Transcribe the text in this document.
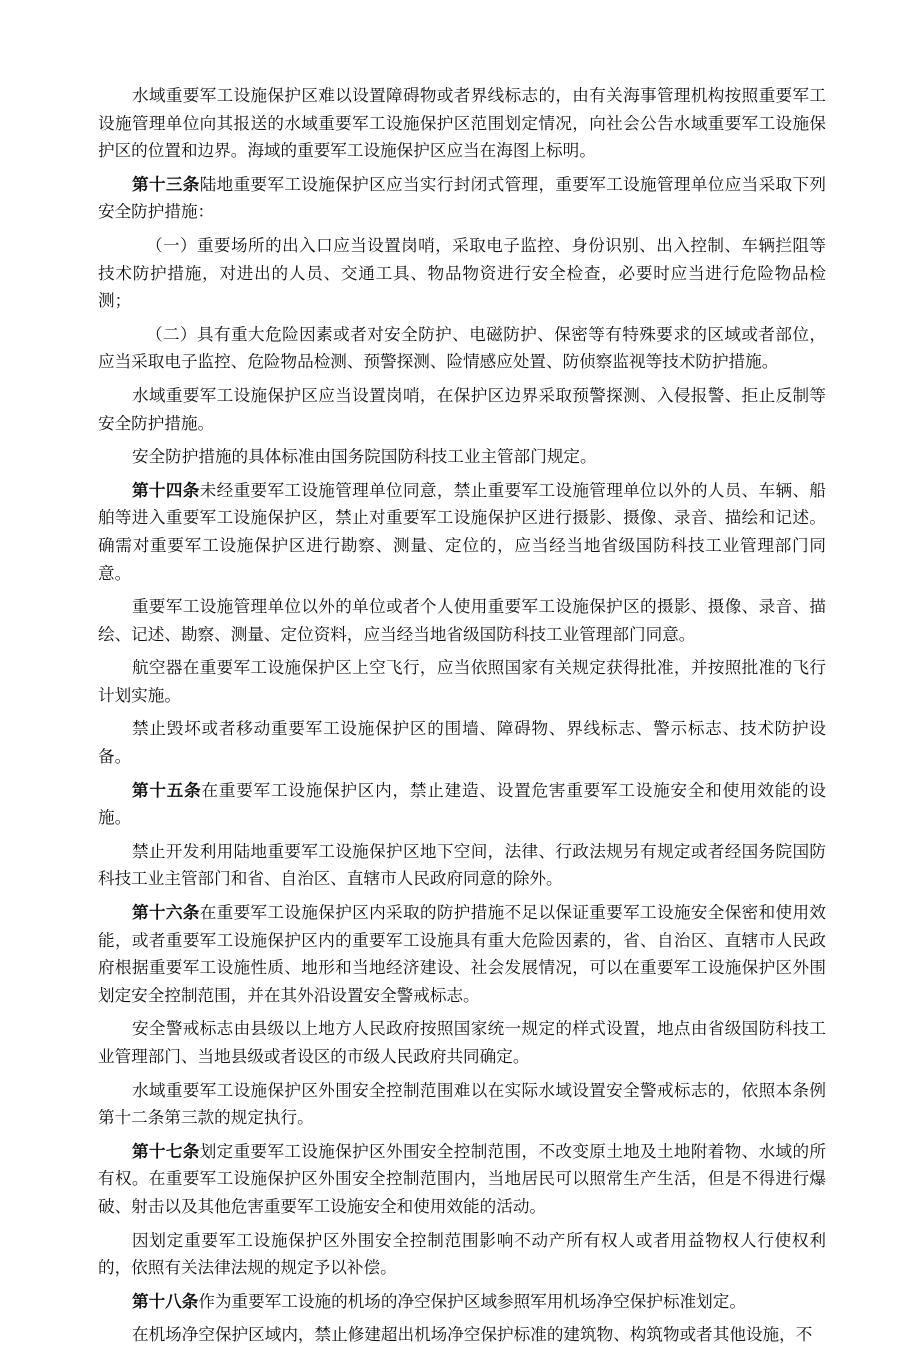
水域重要军工设施保护区难以设置障碍物或者界线标志的，由有关海事管理机构按照重要军工设施管理单位向其报送的水域重要军工设施保护区范围划定情况，向社会公告水域重要军工设施保护区的位置和边界。海域的重要军工设施保护区应当在海图上标明。

第十三条陆地重要军工设施保护区应当实行封闭式管理，重要军工设施管理单位应当采取下列安全防护措施：

（一）重要场所的出入口应当设置岗哨，采取电子监控、身份识别、出入控制、车辆拦阻等技术防护措施，对进出的人员、交通工具、物品物资进行安全检查，必要时应当进行危险物品检测；

（二）具有重大危险因素或者对安全防护、电磁防护、保密等有特殊要求的区域或者部位，应当采取电子监控、危险物品检测、预警探测、险情感应处置、防侦察监视等技术防护措施。

水域重要军工设施保护区应当设置岗哨，在保护区边界采取预警探测、入侵报警、拒止反制等安全防护措施。

安全防护措施的具体标准由国务院国防科技工业主管部门规定。

第十四条未经重要军工设施管理单位同意，禁止重要军工设施管理单位以外的人员、车辆、船舶等进入重要军工设施保护区，禁止对重要军工设施保护区进行摄影、摄像、录音、描绘和记述。确需对重要军工设施保护区进行勘察、测量、定位的，应当经当地省级国防科技工业管理部门同意。

重要军工设施管理单位以外的单位或者个人使用重要军工设施保护区的摄影、摄像、录音、描绘、记述、勘察、测量、定位资料，应当经当地省级国防科技工业管理部门同意。

航空器在重要军工设施保护区上空飞行，应当依照国家有关规定获得批准，并按照批准的飞行计划实施。

禁止毁坏或者移动重要军工设施保护区的围墙、障碍物、界线标志、警示标志、技术防护设备。

第十五条在重要军工设施保护区内，禁止建造、设置危害重要军工设施安全和使用效能的设施。

禁止开发利用陆地重要军工设施保护区地下空间，法律、行政法规另有规定或者经国务院国防科技工业主管部门和省、自治区、直辖市人民政府同意的除外。

第十六条在重要军工设施保护区内采取的防护措施不足以保证重要军工设施安全保密和使用效能，或者重要军工设施保护区内的重要军工设施具有重大危险因素的，省、自治区、直辖市人民政府根据重要军工设施性质、地形和当地经济建设、社会发展情况，可以在重要军工设施保护区外围划定安全控制范围，并在其外沿设置安全警戒标志。

安全警戒标志由县级以上地方人民政府按照国家统一规定的样式设置，地点由省级国防科技工业管理部门、当地县级或者设区的市级人民政府共同确定。

水域重要军工设施保护区外围安全控制范围难以在实际水域设置安全警戒标志的，依照本条例第十二条第三款的规定执行。

第十七条划定重要军工设施保护区外围安全控制范围，不改变原土地及土地附着物、水域的所有权。在重要军工设施保护区外围安全控制范围内，当地居民可以照常生产生活，但是不得进行爆破、射击以及其他危害重要军工设施安全和使用效能的活动。

因划定重要军工设施保护区外围安全控制范围影响不动产所有权人或者用益物权人行使权利的，依照有关法律法规的规定予以补偿。

第十八条作为重要军工设施的机场的净空保护区域参照军用机场净空保护标准划定。

在机场净空保护区域内，禁止修建超出机场净空保护标准的建筑物、构筑物或者其他设施，不
